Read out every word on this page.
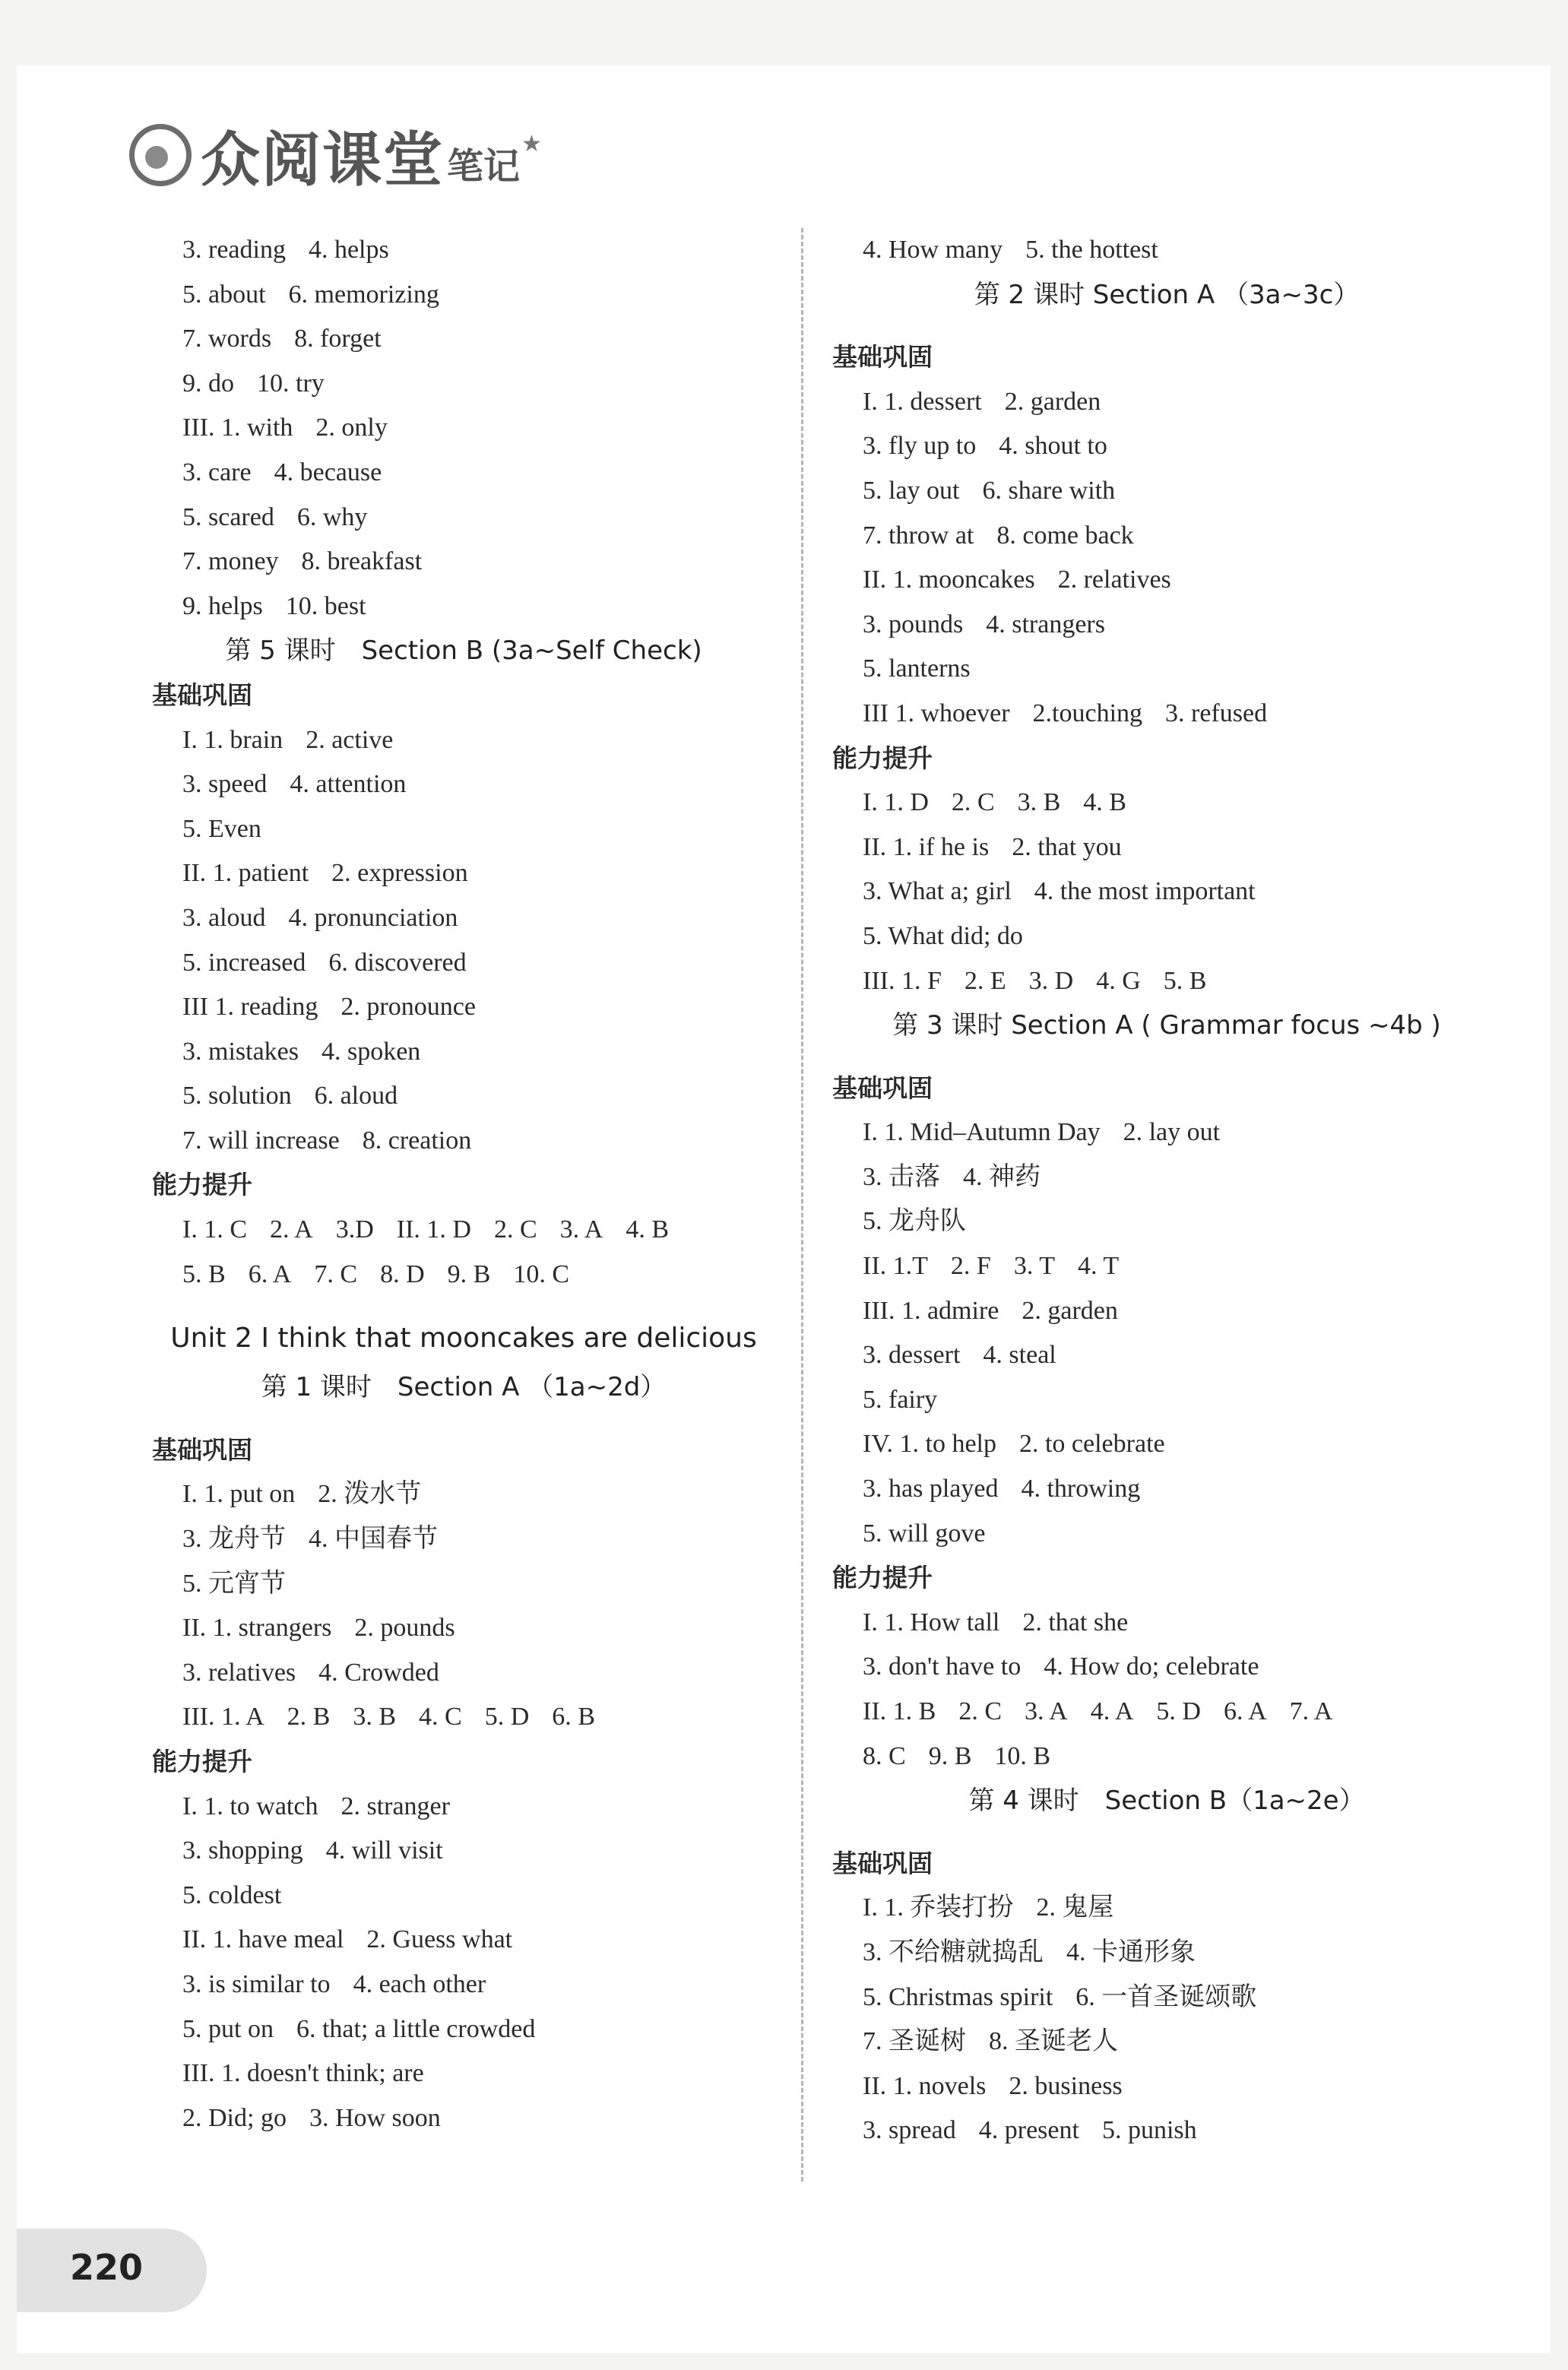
众阅课堂 笔记
★
3. reading 4. helps
5. about 6. memorizing
7. words 8. forget
9. do 10. try
III. 1. with 2. only
3. care 4. because
5. scared 6. why
7. money 8. breakfast
9. helps 10. best
第 5 课时　Section B (3a~Self Check)
基础巩固
I. 1. brain 2. active
3. speed 4. attention
5. Even
II. 1. patient 2. expression
3. aloud 4. pronunciation
5. increased 6. discovered
III 1. reading 2. pronounce
3. mistakes 4. spoken
5. solution 6. aloud
7. will increase 8. creation
能力提升
I. 1. C 2. A 3.D II. 1. D 2. C 3. A 4. B
5. B 6. A 7. C 8. D 9. B 10. C
Unit 2 I think that mooncakes are delicious
第 1 课时　Section A （1a~2d）
基础巩固
I. 1. put on 2. 泼水节
3. 龙舟节 4. 中国春节
5. 元宵节
II. 1. strangers 2. pounds
3. relatives 4. Crowded
III. 1. A 2. B 3. B 4. C 5. D 6. B
能力提升
I. 1. to watch 2. stranger
3. shopping 4. will visit
5. coldest
II. 1. have meal 2. Guess what
3. is similar to 4. each other
5. put on 6. that; a little crowded
III. 1. doesn't think; are
2. Did; go 3. How soon
4. How many 5. the hottest
第 2 课时 Section A （3a~3c）
基础巩固
I. 1. dessert 2. garden
3. fly up to 4. shout to
5. lay out 6. share with
7. throw at 8. come back
II. 1. mooncakes 2. relatives
3. pounds 4. strangers
5. lanterns
III 1. whoever 2.touching 3. refused
能力提升
I. 1. D 2. C 3. B 4. B
II. 1. if he is 2. that you
3. What a; girl 4. the most important
5. What did; do
III. 1. F 2. E 3. D 4. G 5. B
第 3 课时 Section A ( Grammar focus ~4b )
基础巩固
I. 1. Mid–Autumn Day 2. lay out
3. 击落 4. 神药
5. 龙舟队
II. 1.T 2. F 3. T 4. T
III. 1. admire 2. garden
3. dessert 4. steal
5. fairy
IV. 1. to help 2. to celebrate
3. has played 4. throwing
5. will gove
能力提升
I. 1. How tall 2. that she
3. don't have to 4. How do; celebrate
II. 1. B 2. C 3. A 4. A 5. D 6. A 7. A
8. C 9. B 10. B
第 4 课时　Section B（1a~2e）
基础巩固
I. 1. 乔装打扮 2. 鬼屋
3. 不给糖就捣乱 4. 卡通形象
5. Christmas spirit 6. 一首圣诞颂歌
7. 圣诞树 8. 圣诞老人
II. 1. novels 2. business
3. spread 4. present 5. punish
220
